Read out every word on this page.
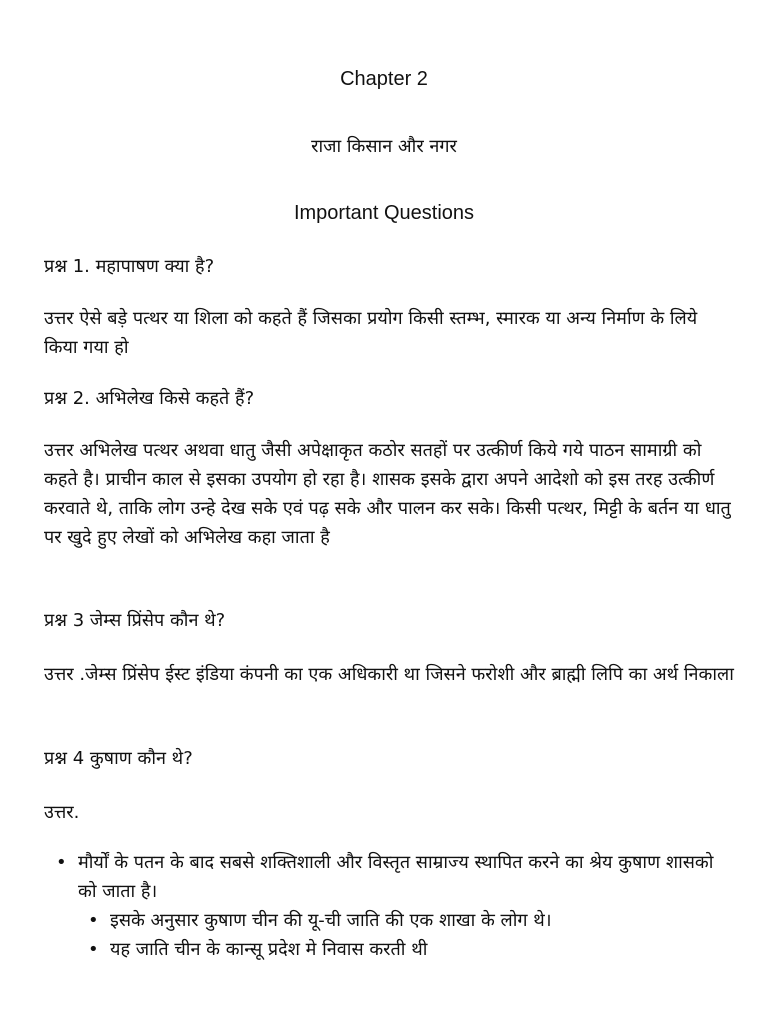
Chapter 2
राजा किसान और नगर
Important Questions
प्रश्न 1. महापाषण क्या है?
उत्तर ऐसे बड़े पत्थर या शिला को कहते हैं जिसका प्रयोग किसी स्तम्भ, स्मारक या अन्य निर्माण के लिये किया गया हो
प्रश्न 2. अभिलेख किसे कहते हैं?
उत्तर अभिलेख पत्थर अथवा धातु जैसी अपेक्षाकृत कठोर सतहों पर उत्कीर्ण किये गये पाठन सामाग्री को कहते है। प्राचीन काल से इसका उपयोग हो रहा है। शासक इसके द्वारा अपने आदेशो को इस तरह उत्कीर्ण करवाते थे, ताकि लोग उन्हे देख सके एवं पढ़ सके और पालन कर सके। किसी पत्थर, मिट्टी के बर्तन या धातु पर खुदे हुए लेखों को अभिलेख कहा जाता है
प्रश्न 3 जेम्स प्रिंसेप कौन थे?
उत्तर .जेम्स प्रिंसेप ईस्ट इंडिया कंपनी का एक अधिकारी था जिसने फरोशी और ब्राह्मी लिपि का अर्थ निकाला
प्रश्न 4 कुषाण कौन थे?
उत्तर.
• मौर्यों के पतन के बाद सबसे शक्तिशाली और विस्तृत साम्राज्य स्थापित करने का श्रेय कुषाण शासको को जाता है।
• इसके अनुसार कुषाण चीन की यू-ची जाति की एक शाखा के लोग थे।
• यह जाति चीन के कान्सू प्रदेश मे निवास करती थी
